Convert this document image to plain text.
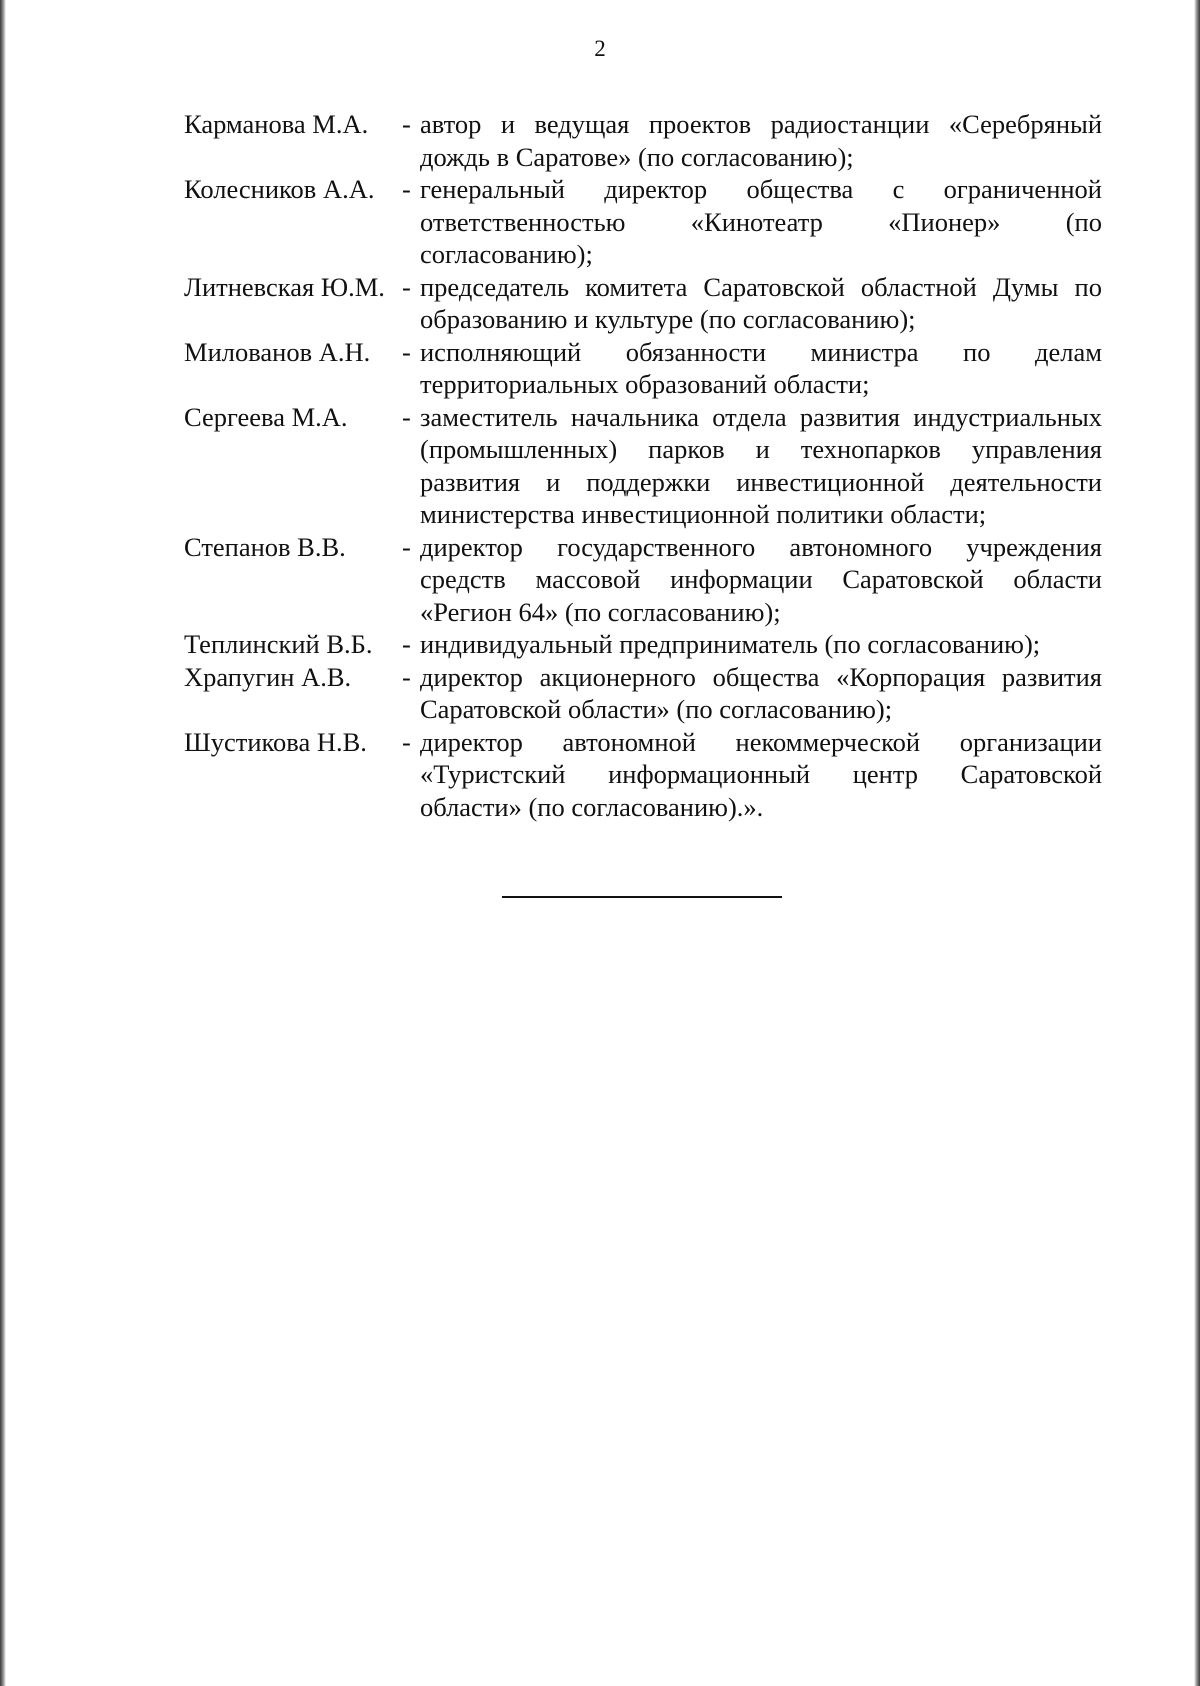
2
Карманова М.А.	- автор и ведущая проектов радиостанции «Серебряный дождь в Саратове» (по согласованию);
Колесников А.А.	- генеральный директор общества с ограниченной ответственностью «Кинотеатр «Пионер» (по согласованию);
Литневская Ю.М. - председатель комитета Саратовской областной Думы по образованию и культуре (по согласованию);
Милованов А.Н.	- исполняющий обязанности министра по делам территориальных образований области;
Сергеева М.А.	- заместитель начальника отдела развития индустриальных (промышленных) парков и технопарков управления развития и поддержки инвестиционной деятельности министерства инвестиционной политики области;
Степанов В.В.	- директор государственного автономного учреждения средств массовой информации Саратовской области «Регион 64» (по согласованию);
Теплинский В.Б.	- индивидуальный предприниматель (по согласованию);
Храпугин А.В.	- директор акционерного общества «Корпорация развития Саратовской области» (по согласованию);
Шустикова Н.В.	- директор автономной некоммерческой организации «Туристский информационный центр Саратовской области» (по согласованию).».
